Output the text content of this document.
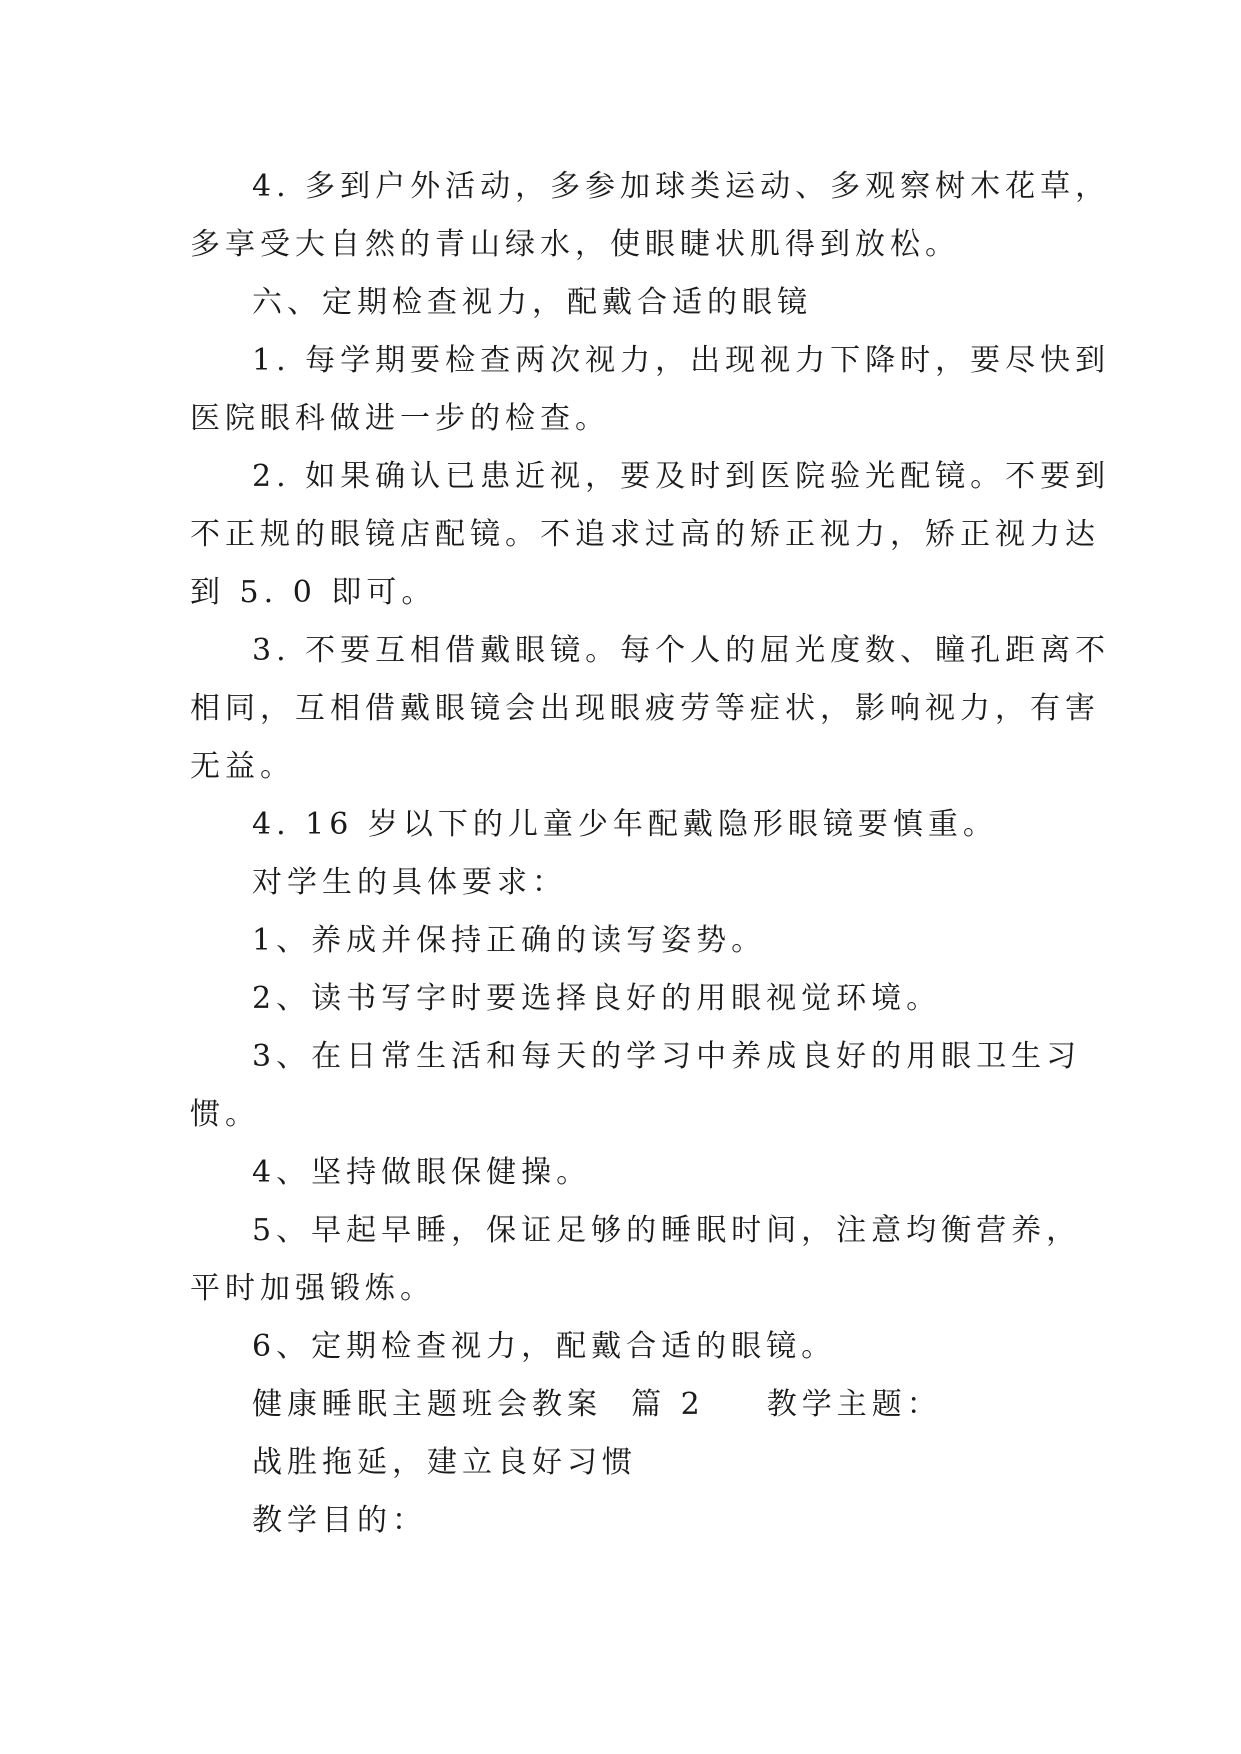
4. 多到户外活动，多参加球类运动、多观察树木花草，
多享受大自然的青山绿水，使眼睫状肌得到放松。

六、定期检查视力，配戴合适的眼镜

1. 每学期要检查两次视力，出现视力下降时，要尽快到
医院眼科做进一步的检查。

2. 如果确认已患近视，要及时到医院验光配镜。不要到
不正规的眼镜店配镜。不追求过高的矫正视力，矫正视力达
到 5. 0 即可。

3. 不要互相借戴眼镜。每个人的屈光度数、瞳孔距离不
相同，互相借戴眼镜会出现眼疲劳等症状，影响视力，有害
无益。

4. 16 岁以下的儿童少年配戴隐形眼镜要慎重。

对学生的具体要求：

1、养成并保持正确的读写姿势。

2、读书写字时要选择良好的用眼视觉环境。

3、在日常生活和每天的学习中养成良好的用眼卫生习
惯。

4、坚持做眼保健操。

5、早起早睡，保证足够的睡眠时间，注意均衡营养，
平时加强锻炼。

6、定期检查视力，配戴合适的眼镜。

健康睡眠主题班会教案  篇 2 教学主题：

战胜拖延，建立良好习惯

教学目的：
